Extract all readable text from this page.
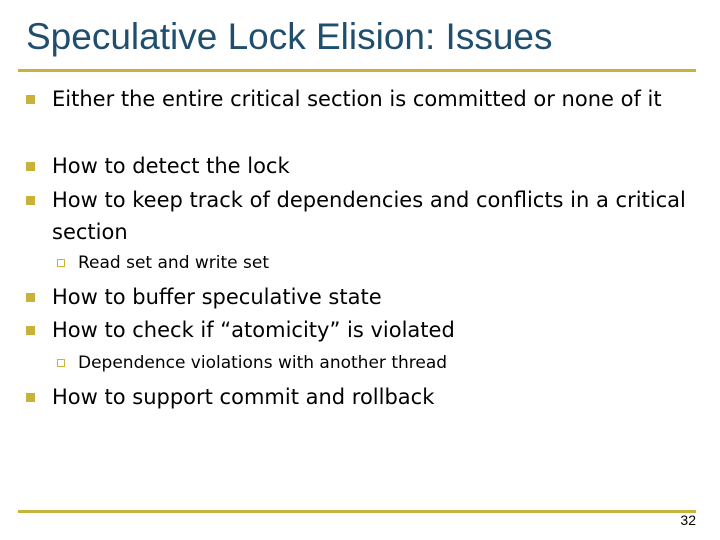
Speculative Lock Elision: Issues
Either the entire critical section is committed or none of it
How to detect the lock
How to keep track of dependencies and conflicts in a critical section
Read set and write set
How to buffer speculative state
How to check if “atomicity” is violated
Dependence violations with another thread
How to support commit and rollback
32
